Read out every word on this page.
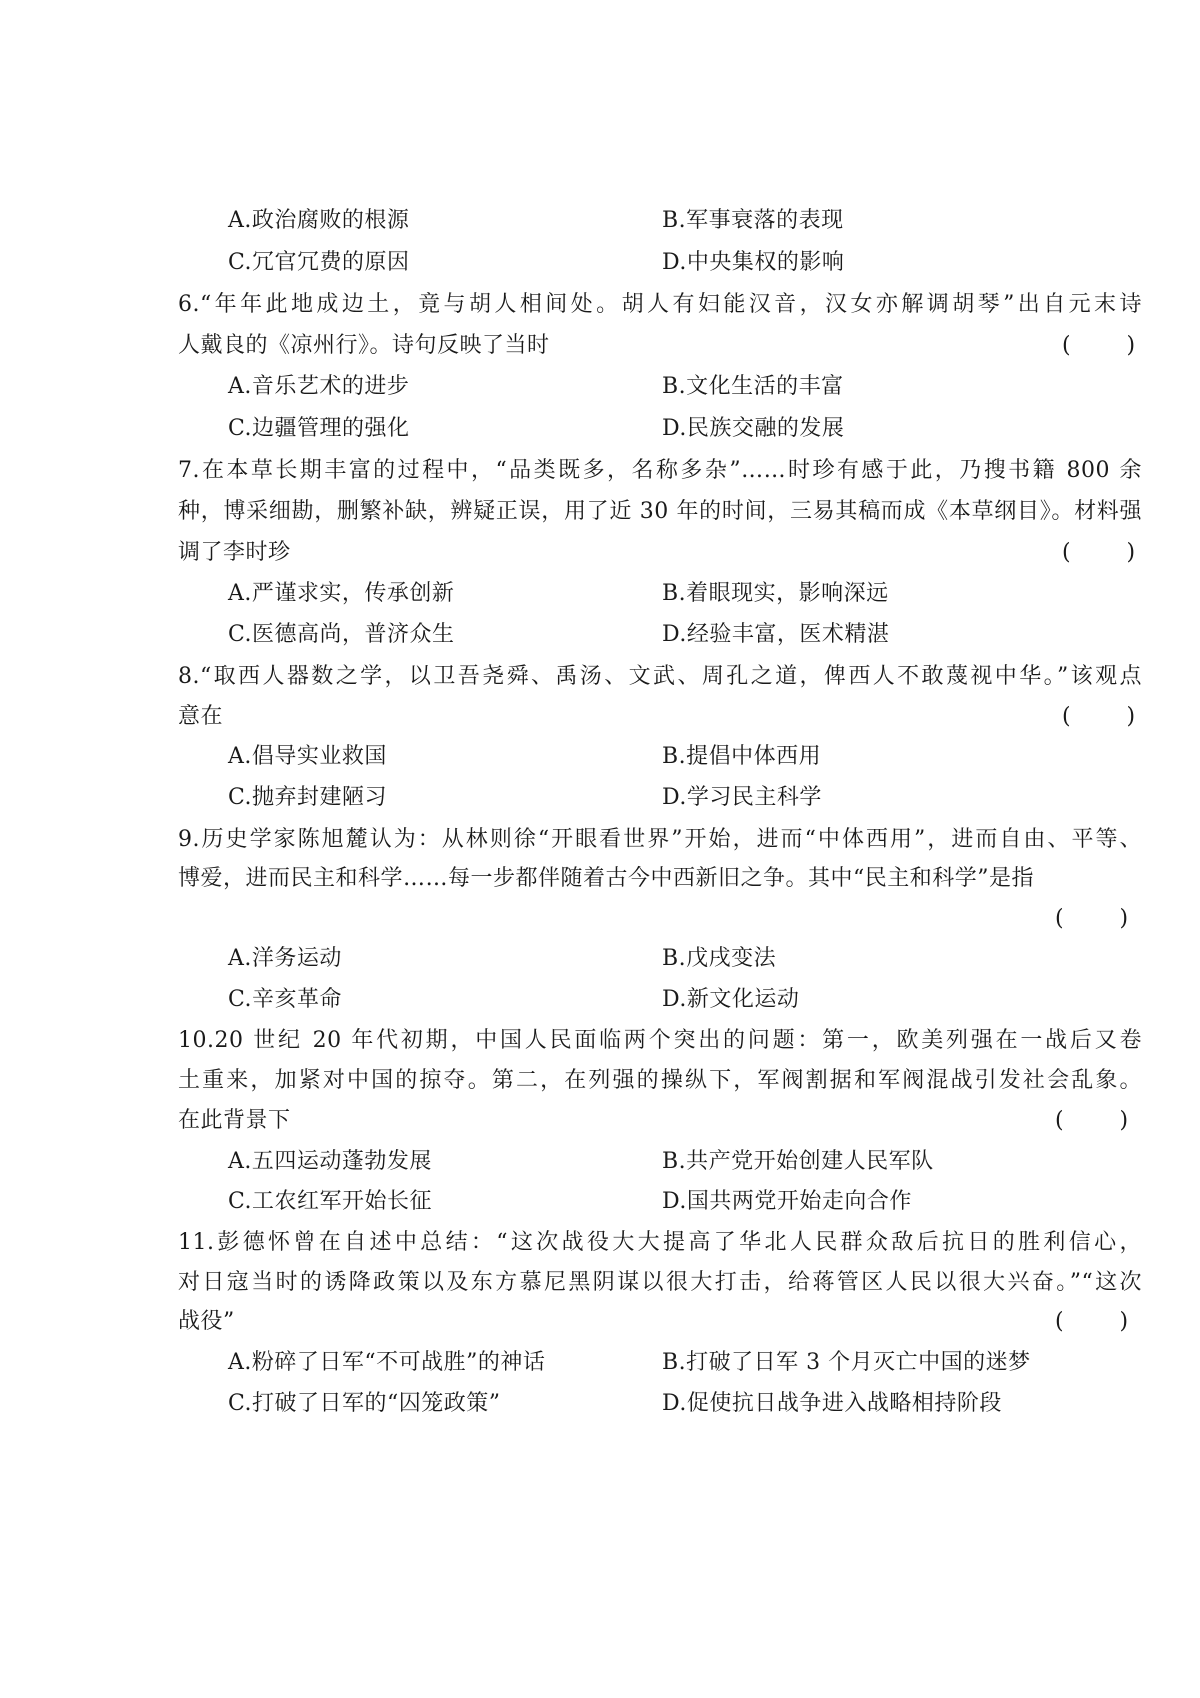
A.政治腐败的根源	B.军事衰落的表现
C.冗官冗费的原因	D.中央集权的影响
6.“年年此地成边土，竟与胡人相间处。胡人有妇能汉音，汉女亦解调胡琴”出自元末诗
人戴良的《凉州行》。诗句反映了当时	(        )
A.音乐艺术的进步	B.文化生活的丰富
C.边疆管理的强化	D.民族交融的发展
7.在本草长期丰富的过程中，“品类既多，名称多杂”……时珍有感于此，乃搜书籍 800 余
种，博采细勘，删繁补缺，辨疑正误，用了近 30 年的时间，三易其稿而成《本草纲目》。材料强
调了李时珍	(        )
A.严谨求实，传承创新	B.着眼现实，影响深远
C.医德高尚，普济众生	D.经验丰富，医术精湛
8.“取西人器数之学，以卫吾尧舜、禹汤、文武、周孔之道，俾西人不敢蔑视中华。”该观点
意在	(        )
A.倡导实业救国	B.提倡中体西用
C.抛弃封建陋习	D.学习民主科学
9.历史学家陈旭麓认为：从林则徐“开眼看世界”开始，进而“中体西用”，进而自由、平等、
博爱，进而民主和科学……每一步都伴随着古今中西新旧之争。其中“民主和科学”是指
(        )
A.洋务运动	B.戊戌变法
C.辛亥革命	D.新文化运动
10.20 世纪 20 年代初期，中国人民面临两个突出的问题：第一，欧美列强在一战后又卷
土重来，加紧对中国的掠夺。第二，在列强的操纵下，军阀割据和军阀混战引发社会乱象。
在此背景下	(        )
A.五四运动蓬勃发展	B.共产党开始创建人民军队
C.工农红军开始长征	D.国共两党开始走向合作
11.彭德怀曾在自述中总结：“这次战役大大提高了华北人民群众敌后抗日的胜利信心，
对日寇当时的诱降政策以及东方慕尼黑阴谋以很大打击，给蒋管区人民以很大兴奋。”“这次
战役”	(        )
A.粉碎了日军“不可战胜”的神话	B.打破了日军 3 个月灭亡中国的迷梦
C.打破了日军的“囚笼政策”	D.促使抗日战争进入战略相持阶段
